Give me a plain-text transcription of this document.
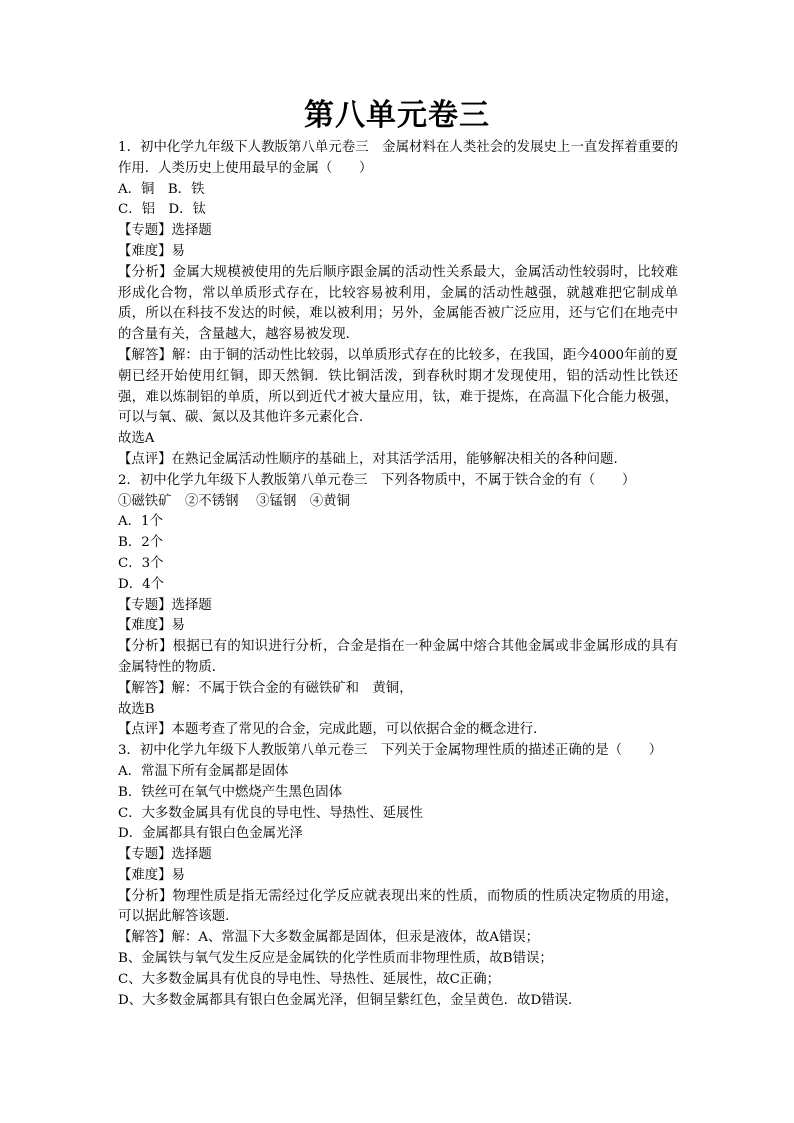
第八单元卷三

1．初中化学九年级下人教版第八单元卷三　金属材料在人类社会的发展史上一直发挥着重要的作用．人类历史上使用最早的金属（　　）

A．铜　B．铁

C．铝　D．钛

【专题】选择题

【难度】易

【分析】金属大规模被使用的先后顺序跟金属的活动性关系最大，金属活动性较弱时，比较难形成化合物，常以单质形式存在，比较容易被利用，金属的活动性越强，就越难把它制成单质，所以在科技不发达的时候，难以被利用；另外，金属能否被广泛应用，还与它们在地壳中的含量有关，含量越大，越容易被发现．

【解答】解：由于铜的活动性比较弱，以单质形式存在的比较多，在我国，距今4000年前的夏朝已经开始使用红铜，即天然铜．铁比铜活泼，到春秋时期才发现使用，铝的活动性比铁还强，难以炼制铝的单质，所以到近代才被大量应用，钛，难于提炼，在高温下化合能力极强，可以与氧、碳、氮以及其他许多元素化合．

故选A

【点评】在熟记金属活动性顺序的基础上，对其活学活用，能够解决相关的各种问题．

2．初中化学九年级下人教版第八单元卷三　下列各物质中，不属于铁合金的有（　　）

①磁铁矿　②不锈钢　 ③锰钢　④黄铜

A．1个

B．2个

C．3个

D．4个

【专题】选择题

【难度】易

【分析】根据已有的知识进行分析，合金是指在一种金属中熔合其他金属或非金属形成的具有金属特性的物质．

【解答】解：不属于铁合金的有磁铁矿和　黄铜，

故选B

【点评】本题考查了常见的合金，完成此题，可以依据合金的概念进行．

3．初中化学九年级下人教版第八单元卷三　下列关于金属物理性质的描述正确的是（　　）

A．常温下所有金属都是固体

B．铁丝可在氧气中燃烧产生黑色固体

C．大多数金属具有优良的导电性、导热性、延展性

D．金属都具有银白色金属光泽

【专题】选择题

【难度】易

【分析】物理性质是指无需经过化学反应就表现出来的性质，而物质的性质决定物质的用途，可以据此解答该题．

【解答】解：A、常温下大多数金属都是固体，但汞是液体，故A错误；

B、金属铁与氧气发生反应是金属铁的化学性质而非物理性质，故B错误；

C、大多数金属具有优良的导电性、导热性、延展性，故C正确；

D、大多数金属都具有银白色金属光泽，但铜呈紫红色，金呈黄色．故D错误．
